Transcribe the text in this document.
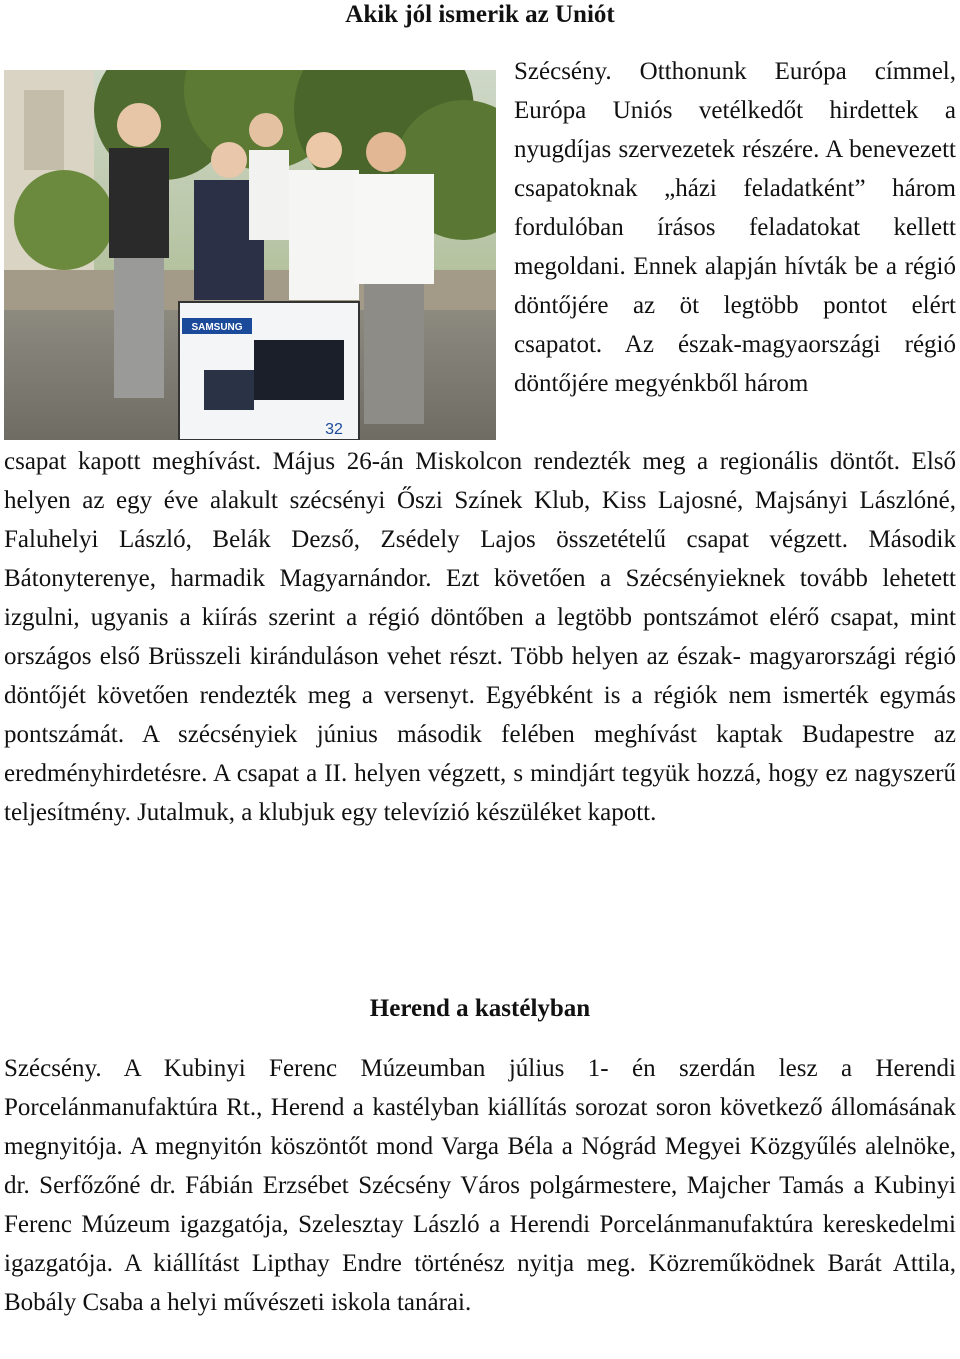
Akik jól ismerik az Uniót
SAMSUNG
32

Szécsény. Otthonunk Európa címmel, Európa Uniós vetélkedőt hirdettek a nyugdíjas szervezetek részére. A benevezett csapatoknak „házi feladatként” három fordulóban írásos feladatokat kellett megoldani. Ennek alapján hívták be a régió döntőjére az öt legtöbb pontot elért csapatot. Az észak-magyaországi régió döntőjére megyénkből három

csapat kapott meghívást. Május 26-án Miskolcon rendezték meg a regionális döntőt. Első helyen az egy éve alakult szécsényi Őszi Színek Klub, Kiss Lajosné, Majsányi Lászlóné, Faluhelyi László, Belák Dezső, Zsédely Lajos összetételű csapat végzett. Második Bátonyterenye, harmadik Magyarnándor. Ezt követően a Szécsényieknek tovább lehetett izgulni, ugyanis a kiírás szerint a régió döntőben a legtöbb pontszámot elérő csapat, mint országos első Brüsszeli kiránduláson vehet részt. Több helyen az észak- magyarországi régió döntőjét követően rendezték meg a versenyt. Egyébként is a régiók nem ismerték egymás pontszámát. A szécsényiek június második felében meghívást kaptak Budapestre az eredményhirdetésre. A csapat a II. helyen végzett, s mindjárt tegyük hozzá, hogy ez nagyszerű teljesítmény. Jutalmuk, a klubjuk egy televízió készüléket kapott.

Herend a kastélyban

Szécsény. A Kubinyi Ferenc Múzeumban július 1- én szerdán lesz a Herendi Porcelánmanufaktúra Rt., Herend a kastélyban kiállítás sorozat soron következő állomásának megnyitója. A megnyitón köszöntőt mond Varga Béla a Nógrád Megyei Közgyűlés alelnöke, dr. Serfőzőné dr. Fábián Erzsébet Szécsény Város polgármestere, Majcher Tamás a Kubinyi Ferenc Múzeum igazgatója, Szelesztay László a Herendi Porcelánmanufaktúra kereskedelmi igazgatója. A kiállítást Lipthay Endre történész nyitja meg. Közreműködnek Barát Attila, Bobály Csaba a helyi művészeti iskola tanárai.
